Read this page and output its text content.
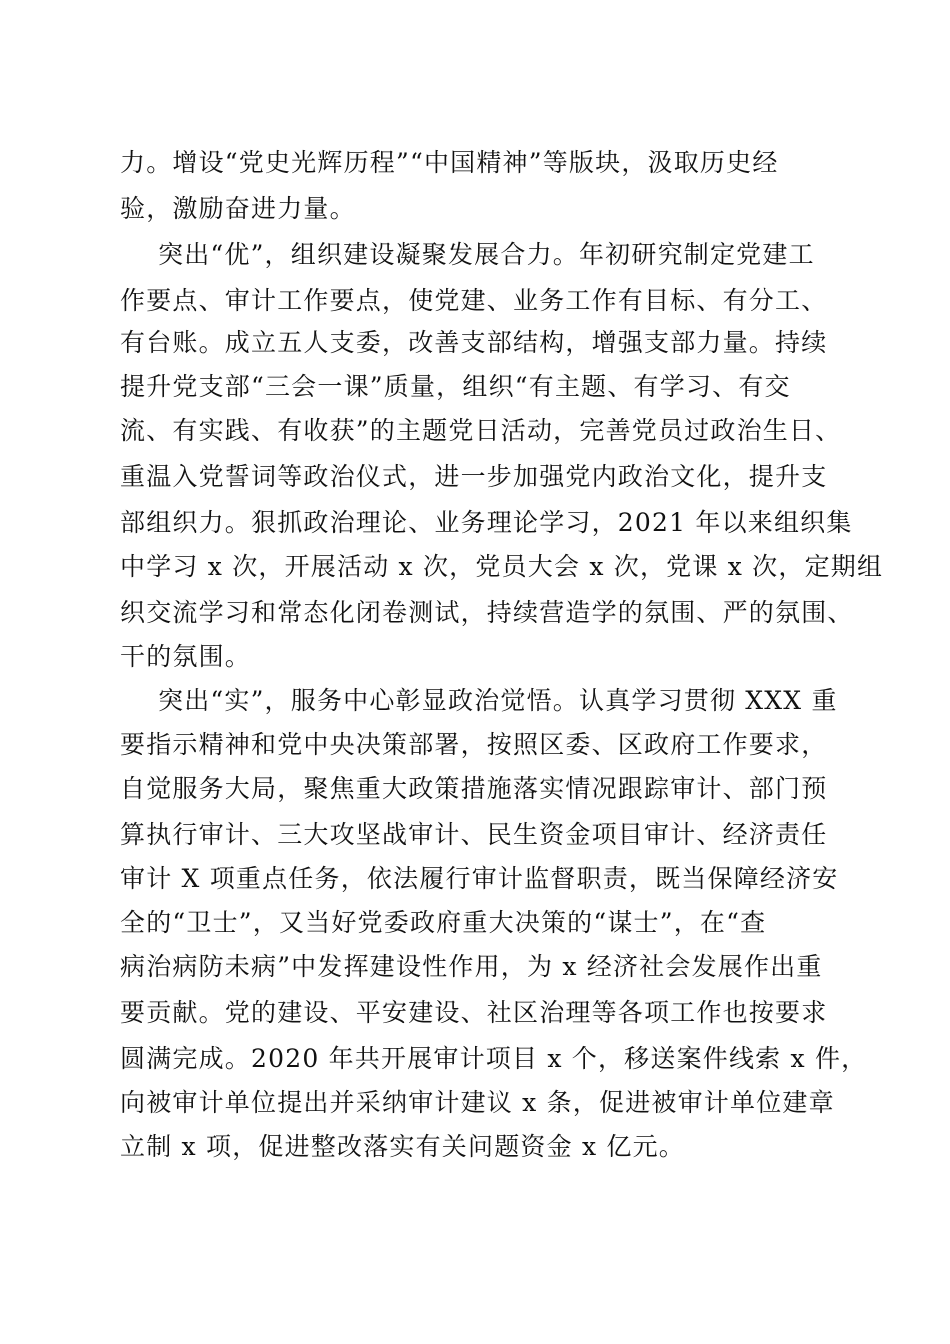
力。增设“党史光辉历程”“中国精神”等版块，汲取历史经
验，激励奋进力量。
突出“优”，组织建设凝聚发展合力。年初研究制定党建工
作要点、审计工作要点，使党建、业务工作有目标、有分工、
有台账。成立五人支委，改善支部结构，增强支部力量。持续
提升党支部“三会一课”质量，组织“有主题、有学习、有交
流、有实践、有收获”的主题党日活动，完善党员过政治生日、
重温入党誓词等政治仪式，进一步加强党内政治文化，提升支
部组织力。狠抓政治理论、业务理论学习，2021 年以来组织集
中学习 x 次，开展活动 x 次，党员大会 x 次，党课 x 次，定期组
织交流学习和常态化闭卷测试，持续营造学的氛围、严的氛围、
干的氛围。
突出“实”，服务中心彰显政治觉悟。认真学习贯彻 XXX 重
要指示精神和党中央决策部署，按照区委、区政府工作要求，
自觉服务大局，聚焦重大政策措施落实情况跟踪审计、部门预
算执行审计、三大攻坚战审计、民生资金项目审计、经济责任
审计 X 项重点任务，依法履行审计监督职责，既当保障经济安
全的“卫士”，又当好党委政府重大决策的“谋士”，在“查
病治病防未病”中发挥建设性作用，为 x 经济社会发展作出重
要贡献。党的建设、平安建设、社区治理等各项工作也按要求
圆满完成。2020 年共开展审计项目 x 个，移送案件线索 x 件，
向被审计单位提出并采纳审计建议 x 条，促进被审计单位建章
立制 x 项，促进整改落实有关问题资金 x 亿元。
